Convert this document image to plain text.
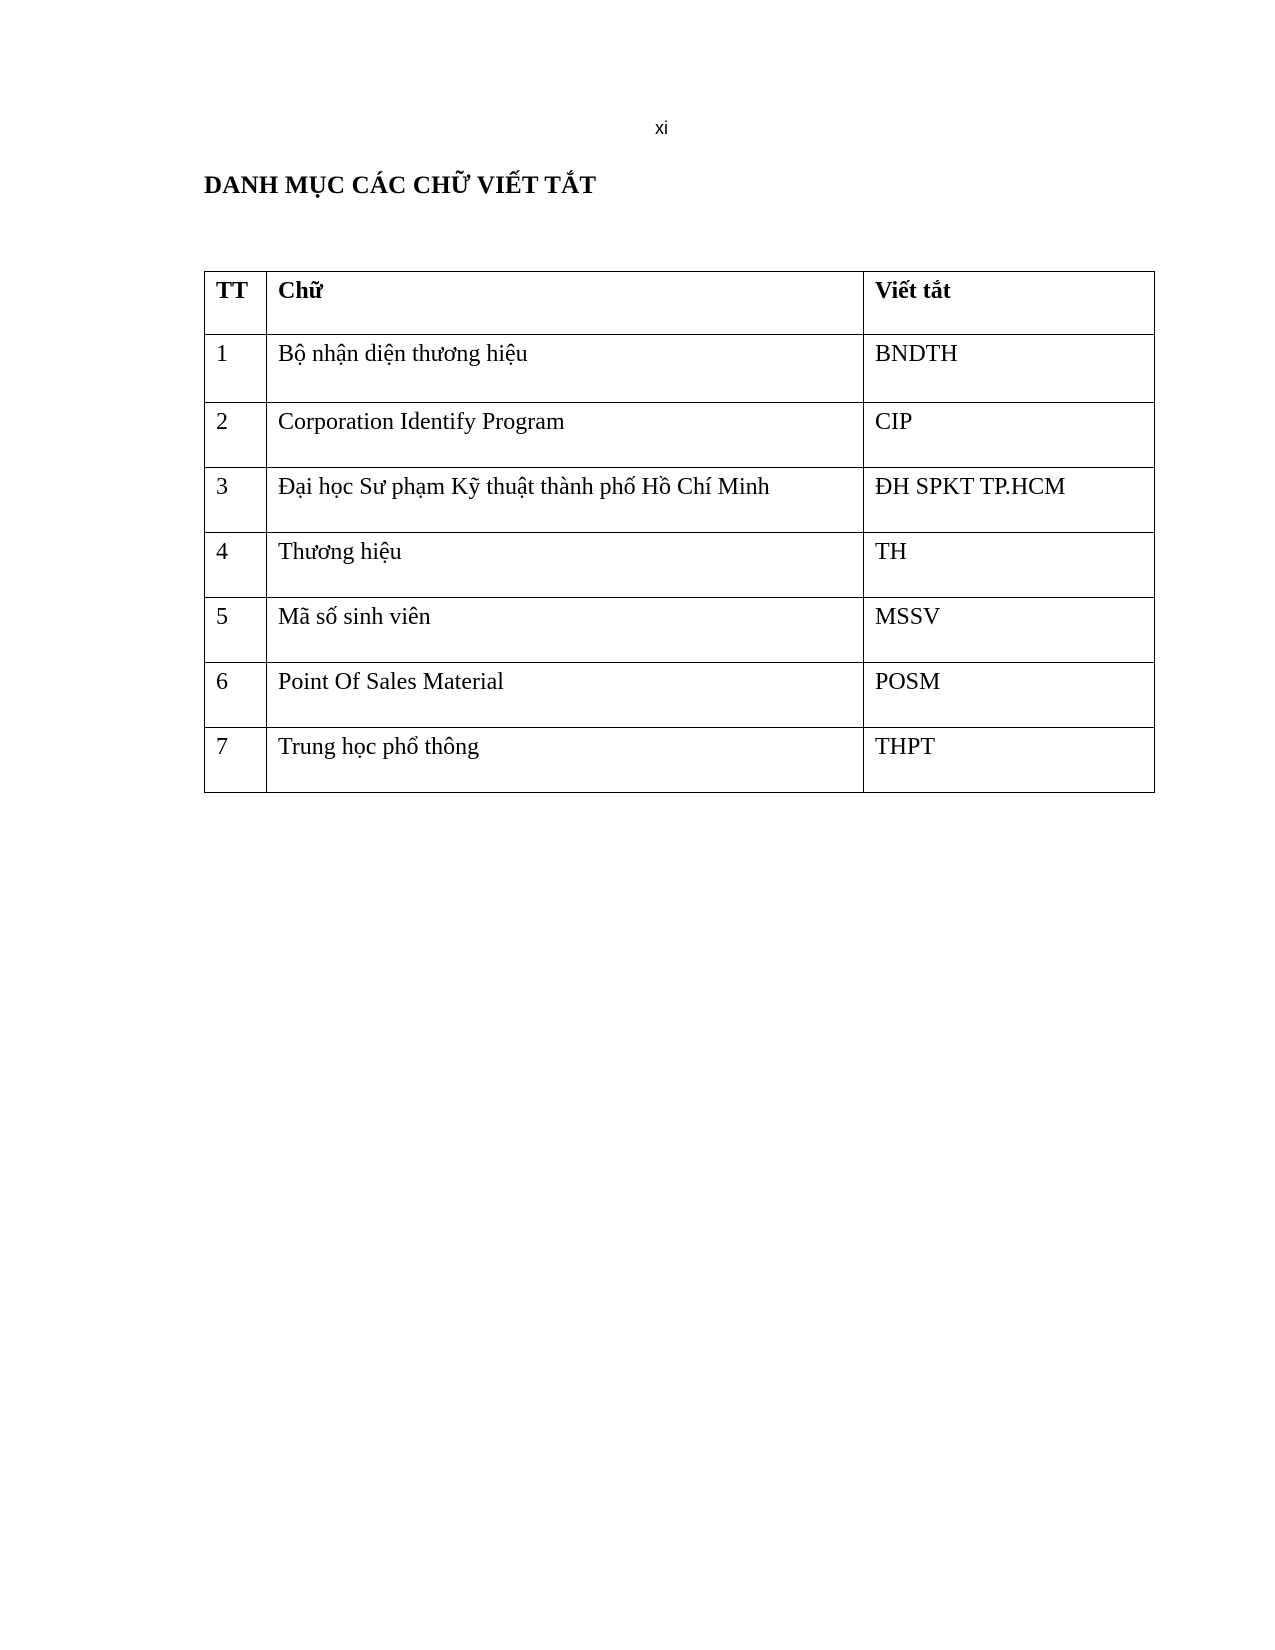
xi
DANH MỤC CÁC CHỮ VIẾT TẮT
TT	Chữ	Viết tắt
1	Bộ nhận diện thương hiệu	BNDTH
2	Corporation Identify Program	CIP
3	Đại học Sư phạm Kỹ thuật thành phố Hồ Chí Minh	ĐH SPKT TP.HCM
4	Thương hiệu	TH
5	Mã số sinh viên	MSSV
6	Point Of Sales Material	POSM
7	Trung học phổ thông	THPT
